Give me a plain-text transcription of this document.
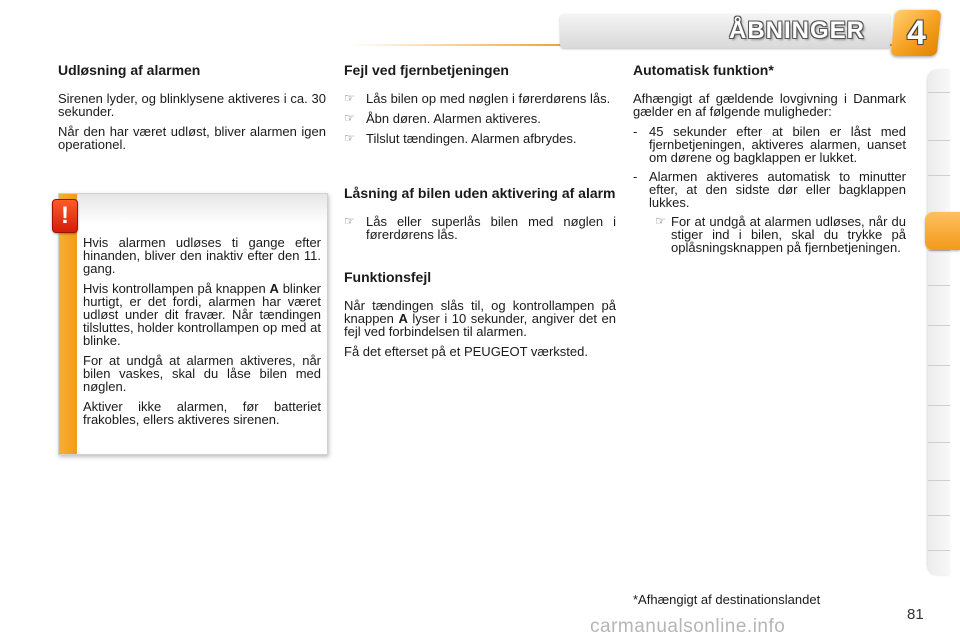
ÅBNINGER 4
Udløsning af alarmen

Sirenen lyder, og blinklysene aktiveres i ca. 30 sekunder.

Når den har været udløst, bliver alarmen igen operationel.

!

Hvis alarmen udløses ti gange efter hinanden, bliver den inaktiv efter den 11. gang.

Hvis kontrollampen på knappen A blinker hurtigt, er det fordi, alarmen har været udløst under dit fravær. Når tændingen tilsluttes, holder kontrollampen op med at blinke.

For at undgå at alarmen aktiveres, når bilen vaskes, skal du låse bilen med nøglen.

Aktiver ikke alarmen, før batteriet frakobles, ellers aktiveres sirenen.

Fejl ved fjernbetjeningen
☞ Lås bilen op med nøglen i førerdørens lås.
☞ Åbn døren. Alarmen aktiveres.
☞ Tilslut tændingen. Alarmen afbrydes.
Låsning af bilen uden aktivering af alarm
☞ Lås eller superlås bilen med nøglen i førerdørens lås.
Funktionsfejl

Når tændingen slås til, og kontrollampen på knappen A lyser i 10 sekunder, angiver det en fejl ved forbindelsen til alarmen.

Få det efterset på et PEUGEOT værksted.

Automatisk funktion*

Afhængigt af gældende lovgivning i Danmark gælder en af følgende muligheder:

- 45 sekunder efter at bilen er låst med fjernbetjeningen, aktiveres alarmen, uanset om dørene og bagklappen er lukket.
- Alarmen aktiveres automatisk to minutter efter, at den sidste dør eller bagklappen lukkes.
☞ For at undgå at alarmen udløses, når du stiger ind i bilen, skal du trykke på oplåsningsknappen på fjernbetjeningen.
*Afhængigt af destinationslandet
81
carmanualsonline.info
